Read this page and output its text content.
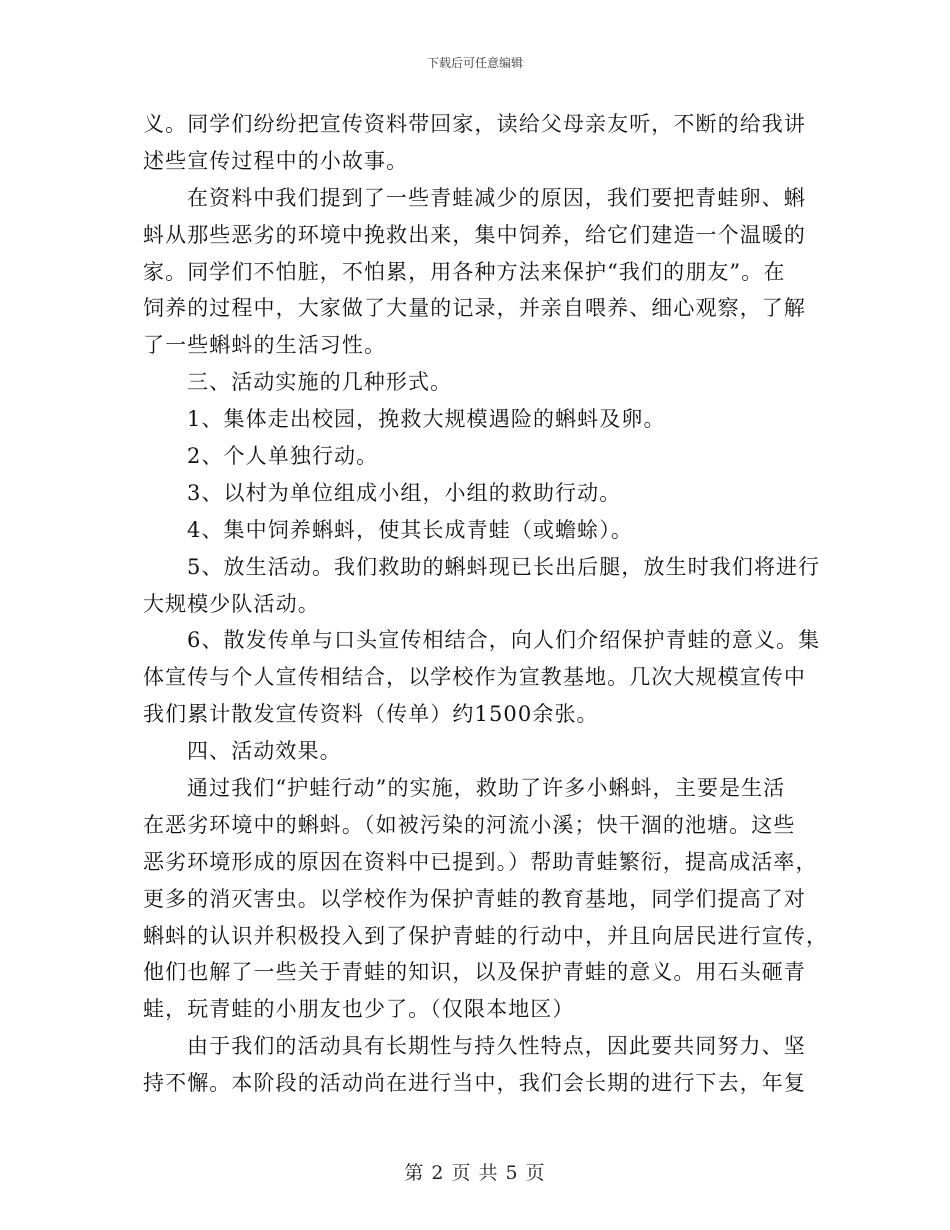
下载后可任意编辑
义。同学们纷纷把宣传资料带回家，读给父母亲友听，不断的给我讲
述些宣传过程中的小故事。
在资料中我们提到了一些青蛙减少的原因，我们要把青蛙卵、蝌
蚪从那些恶劣的环境中挽救出来，集中饲养，给它们建造一个温暖的
家。同学们不怕脏，不怕累，用各种方法来保护“我们的朋友”。在
饲养的过程中，大家做了大量的记录，并亲自喂养、细心观察，了解
了一些蝌蚪的生活习性。
三、活动实施的几种形式。
1、集体走出校园，挽救大规模遇险的蝌蚪及卵。
2、个人单独行动。
3、以村为单位组成小组，小组的救助行动。
4、集中饲养蝌蚪，使其长成青蛙（或蟾蜍）。
5、放生活动。我们救助的蝌蚪现已长出后腿，放生时我们将进行
大规模少队活动。
6、散发传单与口头宣传相结合，向人们介绍保护青蛙的意义。集
体宣传与个人宣传相结合，以学校作为宣教基地。几次大规模宣传中
我们累计散发宣传资料（传单）约1500余张。
四、活动效果。
通过我们“护蛙行动”的实施，救助了许多小蝌蚪，主要是生活
在恶劣环境中的蝌蚪。（如被污染的河流小溪；快干涸的池塘。这些
恶劣环境形成的原因在资料中已提到。）帮助青蛙繁衍，提高成活率，
更多的消灭害虫。以学校作为保护青蛙的教育基地，同学们提高了对
蝌蚪的认识并积极投入到了保护青蛙的行动中，并且向居民进行宣传，
他们也解了一些关于青蛙的知识，以及保护青蛙的意义。用石头砸青
蛙，玩青蛙的小朋友也少了。（仅限本地区）
由于我们的活动具有长期性与持久性特点，因此要共同努力、坚
持不懈。本阶段的活动尚在进行当中，我们会长期的进行下去，年复
第 2 页 共 5 页
